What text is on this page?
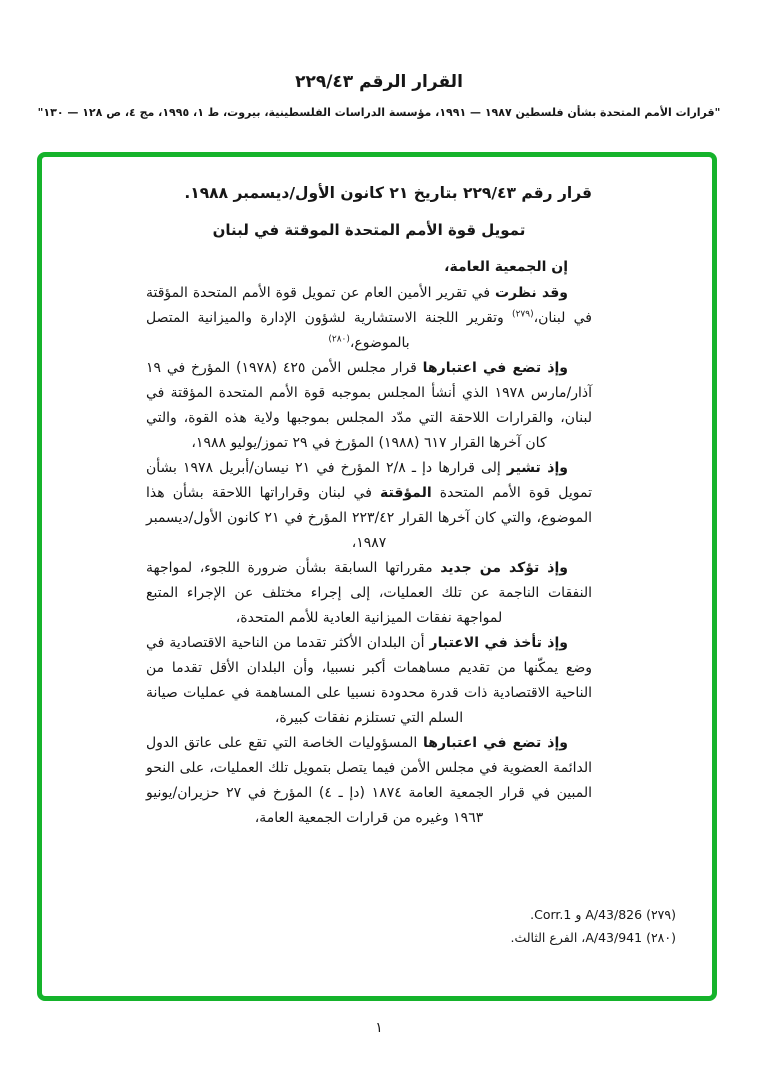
القرار الرقم ٢٢٩/٤٣
"قرارات الأمم المتحدة بشأن فلسطين ١٩٨٧ — ١٩٩١، مؤسسة الدراسات الفلسطينية، بيروت، ط ١، ١٩٩٥، مج ٤، ص ١٢٨ — ١٣٠"

قرار رقم ٢٢٩/٤٣ بتاريخ ٢١ كانون الأول/ديسمبر ١٩٨٨.

تمويل قوة الأمم المتحدة الموقتة في لبنان

إن الجمعية العامة،

وقد نظرت في تقرير الأمين العام عن تمويل قوة الأمم المتحدة المؤقتة في لبنان،$^{(٢٧٩)}$ وتقرير اللجنة الاستشارية لشؤون الإدارة والميزانية المتصل بالموضوع،$^{(٢٨٠)}$

وإذ تضع في اعتبارها قرار مجلس الأمن ٤٢٥ (١٩٧٨) المؤرخ في ١٩ آذار/مارس ١٩٧٨ الذي أنشأ المجلس بموجبه قوة الأمم المتحدة المؤقتة في لبنان، والقرارات اللاحقة التي مدّد المجلس بموجبها ولاية هذه القوة، والتي كان آخرها القرار ٦١٧ (١٩٨٨) المؤرخ في ٢٩ تموز/يوليو ١٩٨٨،

وإذ تشير إلى قرارها دإ ـ ٢/٨ المؤرخ في ٢١ نيسان/أبريل ١٩٧٨ بشأن تمويل قوة الأمم المتحدة المؤقتة في لبنان وقراراتها اللاحقة بشأن هذا الموضوع، والتي كان آخرها القرار ٢٢٣/٤٢ المؤرخ في ٢١ كانون الأول/ديسمبر ١٩٨٧،

وإذ تؤكد من جديد مقرراتها السابقة بشأن ضرورة اللجوء، لمواجهة النفقات الناجمة عن تلك العمليات، إلى إجراء مختلف عن الإجراء المتبع لمواجهة نفقات الميزانية العادية للأمم المتحدة،

وإذ تأخذ في الاعتبار أن البلدان الأكثر تقدما من الناحية الاقتصادية في وضع يمكّنها من تقديم مساهمات أكبر نسبيا، وأن البلدان الأقل تقدما من الناحية الاقتصادية ذات قدرة محدودة نسبيا على المساهمة في عمليات صيانة السلم التي تستلزم نفقات كبيرة،

وإذ تضع في اعتبارها المسؤوليات الخاصة التي تقع على عاتق الدول الدائمة العضوية في مجلس الأمن فيما يتصل بتمويل تلك العمليات، على النحو المبين في قرار الجمعية العامة ١٨٧٤ (دإ ـ ٤) المؤرخ في ٢٧ حزيران/يونيو ١٩٦٣ وغيره من قرارات الجمعية العامة،

(٢٧٩) A/43/826 و Corr.1.
(٢٨٠) A/43/941، الفرع الثالث.
١
